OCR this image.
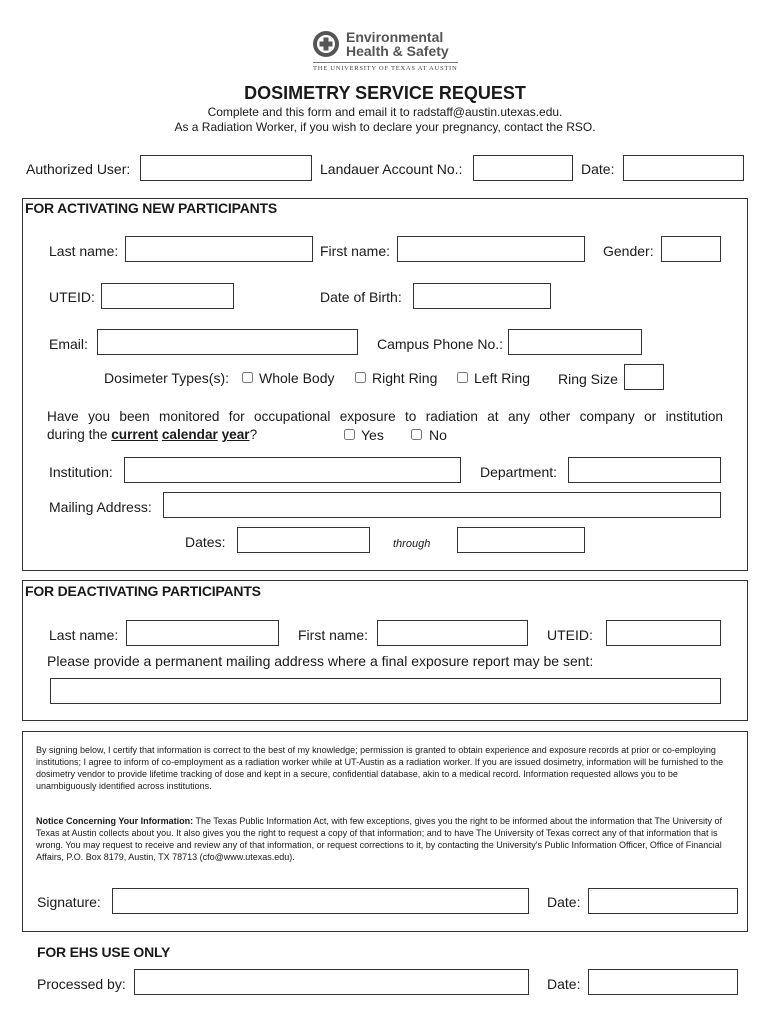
Environmental
Health & Safety
THE UNIVERSITY OF TEXAS AT AUSTIN
DOSIMETRY SERVICE REQUEST
Complete and this form and email it to radstaff@austin.utexas.edu.
As a Radiation Worker, if you wish to declare your pregnancy, contact the RSO.
Authorized User:	Landauer Account No.:	Date:
FOR ACTIVATING NEW PARTICIPANTS
Last name:	First name:	Gender:
UTEID:	Date of Birth:
Email:	Campus Phone No.:
Dosimeter Types(s): Whole Body	Right Ring	Left Ring Ring Size
Have you been monitored for occupational exposure to radiation at any other company or institution
during the current calendar year?	Yes	No
Institution:	Department:
Mailing Address:
Dates:	through
FOR DEACTIVATING PARTICIPANTS
Last name:	First name:	UTEID:
Please provide a permanent mailing address where a final exposure report may be sent:
By signing below, I certify that information is correct to the best of my knowledge; permission is granted to obtain experience and exposure records at prior or co-employing institutions; I agree to inform of co-employment as a radiation worker while at UT-Austin as a radiation worker. If you are issued dosimetry, information will be furnished to the dosimetry vendor to provide lifetime tracking of dose and kept in a secure, confidential database, akin to a medical record. Information requested allows you to be unambiguously identified across institutions.
Notice Concerning Your Information: The Texas Public Information Act, with few exceptions, gives you the right to be informed about the information that The University of Texas at Austin collects about you. It also gives you the right to request a copy of that information; and to have The University of Texas correct any of that information that is wrong. You may request to receive and review any of that information, or request corrections to it, by contacting the University's Public Information Officer, Office of Financial Affairs, P.O. Box 8179, Austin, TX 78713 (cfo@www.utexas.edu).
Signature:	Date:
FOR EHS USE ONLY
Processed by:	Date:
